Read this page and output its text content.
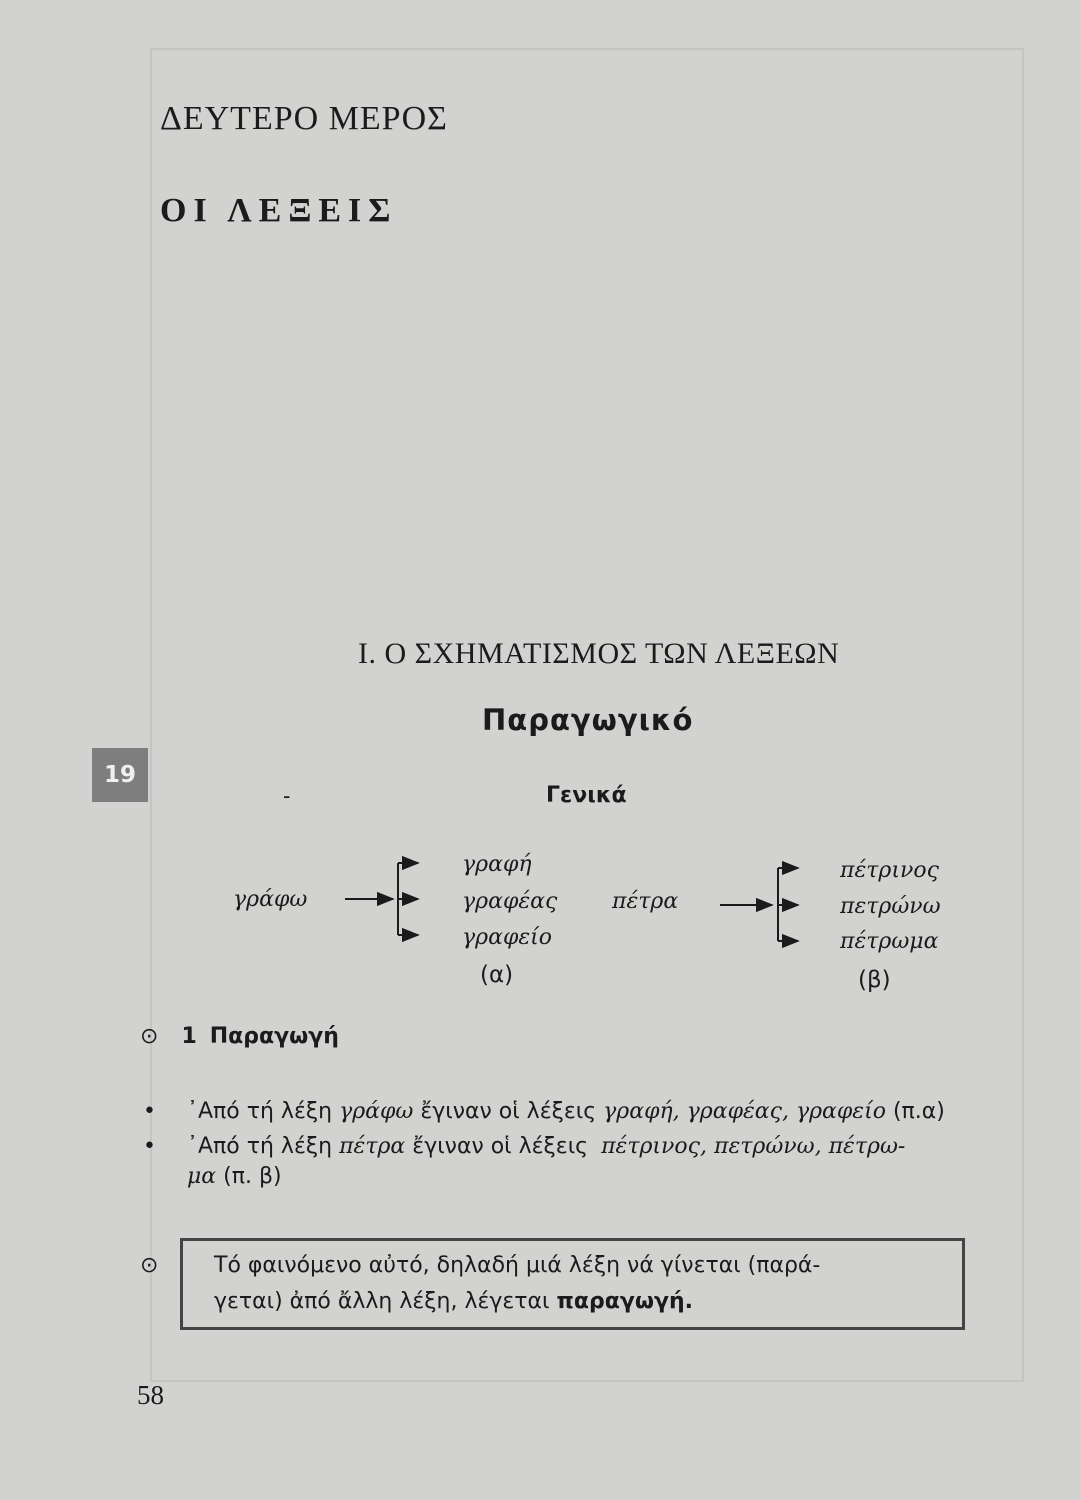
ΔΕΥΤΕΡΟ ΜΕΡΟΣ
ΟΙ ΛΕΞΕΙΣ
Ι. Ο ΣΧΗΜΑΤΙΣΜΟΣ ΤΩΝ ΛΕΞΕΩΝ
Παραγωγικό
19
-	Γενικά
γράφω
γραφή
γραφέας
γραφείο
(α)
πέτρα
πέτρινος
πετρώνω
πέτρωμα
(β)
⊙ 1 Παραγωγή
• ᾽Από τή λέξη γράφω ἔγιναν οἱ λέξεις γραφή, γραφέας, γραφείο (π.α)
• ᾽Από τή λέξη πέτρα ἔγιναν οἱ λέξεις πέτρινος, πετρώνω, πέτρω-
μα (π. β)
⊙	Τό φαινόμενο αὐτό, δηλαδή μιά λέξη νά γίνεται (παρά-
γεται) ἀπό ἄλλη λέξη, λέγεται παραγωγή.
58
